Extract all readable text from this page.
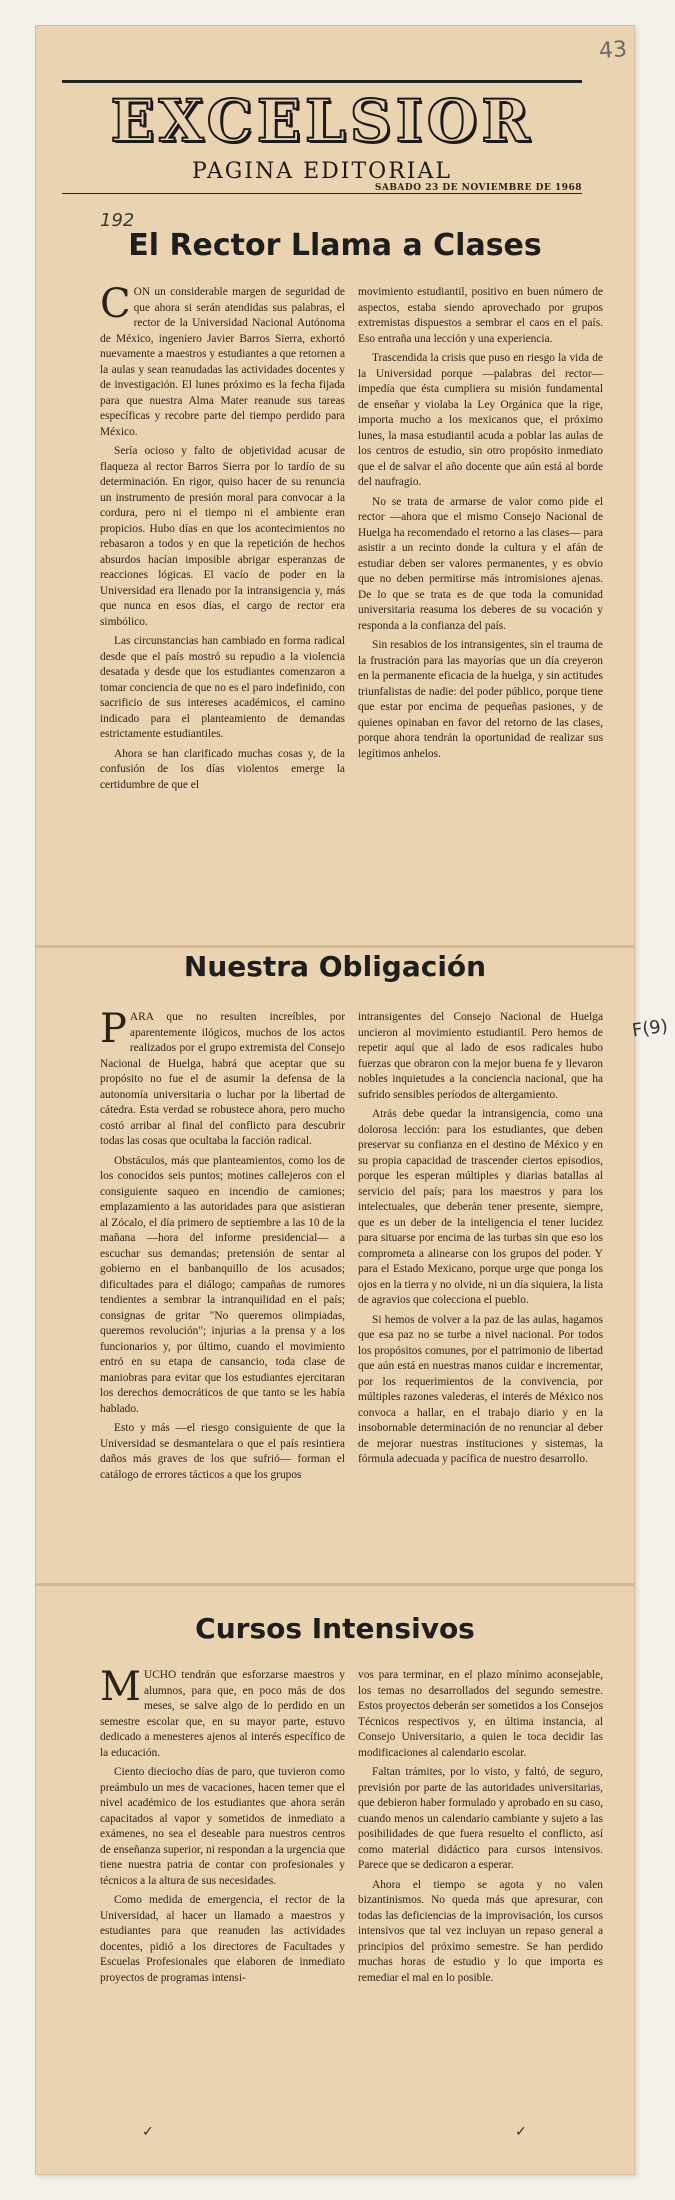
43
EXCELSIOR
PAGINA EDITORIAL
SABADO 23 DE NOVIEMBRE DE 1968
192
El Rector Llama a Clases

CON un considerable margen de seguridad de que ahora si serán atendidas sus palabras, el rector de la Universidad Nacional Autónoma de México, ingeniero Javier Barros Sierra, exhortó nuevamente a maestros y estudiantes a que retornen a la aulas y sean reanudadas las actividades docentes y de investigación. El lunes próximo es la fecha fijada para que nuestra Alma Mater reanude sus tareas específicas y recobre parte del tiempo perdido para México.

Sería ocioso y falto de objetividad acusar de flaqueza al rector Barros Sierra por lo tardío de su determinación. En rigor, quiso hacer de su renuncia un instrumento de presión moral para convocar a la cordura, pero ni el tiempo ni el ambiente eran propicios. Hubo días en que los acontecimientos no rebasaron a todos y en que la repetición de hechos absurdos hacían imposible abrigar esperanzas de reacciones lógicas. El vacío de poder en la Universidad era llenado por la intransigencia y, más que nunca en esos días, el cargo de rector era simbólico.

Las circunstancias han cambiado en forma radical desde que el país mostró su repudio a la violencia desatada y desde que los estudiantes comenzaron a tomar conciencia de que no es el paro indefinido, con sacrificio de sus intereses académicos, el camino indicado para el planteamiento de demandas estrictamente estudiantiles.

Ahora se han clarificado muchas cosas y, de la confusión de los días violentos emerge la certidumbre de que el

movimiento estudiantil, positivo en buen número de aspectos, estaba siendo aprovechado por grupos extremistas dispuestos a sembrar el caos en el país. Eso entraña una lección y una experiencia.

Trascendida la crisis que puso en riesgo la vida de la Universidad porque —palabras del rector— impedía que ésta cumpliera su misión fundamental de enseñar y violaba la Ley Orgánica que la rige, importa mucho a los mexicanos que, el próximo lunes, la masa estudiantil acuda a poblar las aulas de los centros de estudio, sin otro propósito inmediato que el de salvar el año docente que aún está al borde del naufragio.

No se trata de armarse de valor como pide el rector —ahora que el mismo Consejo Nacional de Huelga ha recomendado el retorno a las clases— para asistir a un recinto donde la cultura y el afán de estudiar deben ser valores permanentes, y es obvio que no deben permitirse más intromisiones ajenas. De lo que se trata es de que toda la comunidad universitaria reasuma los deberes de su vocación y responda a la confianza del país.

Sin resabios de los intransigentes, sin el trauma de la frustración para las mayorías que un día creyeron en la permanente eficacia de la huelga, y sin actitudes triunfalistas de nadie: del poder público, porque tiene que estar por encima de pequeñas pasiones, y de quienes opinaban en favor del retorno de las clases, porque ahora tendrán la oportunidad de realizar sus legítimos anhelos.

Nuestra Obligación

PARA que no resulten increíbles, por aparentemente ilógicos, muchos de los actos realizados por el grupo extremista del Consejo Nacional de Huelga, habrá que aceptar que su propósito no fue el de asumir la defensa de la autonomía universitaria o luchar por la libertad de cátedra. Esta verdad se robustece ahora, pero mucho costó arribar al final del conflicto para descubrir todas las cosas que ocultaba la facción radical.

Obstáculos, más que planteamientos, como los de los conocidos seis puntos; motines callejeros con el consiguiente saqueo en incendio de camiones; emplazamiento a las autoridades para que asistieran al Zócalo, el día primero de septiembre a las 10 de la mañana —hora del informe presidencial— a escuchar sus demandas; pretensión de sentar al gobierno en el banbanquillo de los acusados; dificultades para el diálogo; campañas de rumores tendientes a sembrar la intranquilidad en el país; consignas de gritar "No queremos olimpiadas, queremos revolución"; injurias a la prensa y a los funcionarios y, por último, cuando el movimiento entró en su etapa de cansancio, toda clase de maniobras para evitar que los estudiantes ejercitaran los derechos democráticos de que tanto se les había hablado.

Esto y más —el riesgo consiguiente de que la Universidad se desmantelara o que el país resintiera daños más graves de los que sufrió— forman el catálogo de errores tácticos a que los grupos

intransigentes del Consejo Nacional de Huelga uncieron al movimiento estudiantil. Pero hemos de repetir aquí que al lado de esos radicales hubo fuerzas que obraron con la mejor buena fe y llevaron nobles inquietudes a la conciencia nacional, que ha sufrido sensibles períodos de altergamiento.

Atrás debe quedar la intransigencia, como una dolorosa lección: para los estudiantes, que deben preservar su confianza en el destino de México y en su propia capacidad de trascender ciertos episodios, porque les esperan múltiples y diarias batallas al servicio del país; para los maestros y para los intelectuales, que deberán tener presente, siempre, que es un deber de la inteligencia el tener lucidez para situarse por encima de las turbas sin que eso los comprometa a alinearse con los grupos del poder. Y para el Estado Mexicano, porque urge que ponga los ojos en la tierra y no olvide, ni un día siquiera, la lista de agravios que colecciona el pueblo.

Si hemos de volver a la paz de las aulas, hagamos que esa paz no se turbe a nivel nacional. Por todos los propósitos comunes, por el patrimonio de libertad que aún está en nuestras manos cuidar e incrementar, por los requerimientos de la convivencia, por múltiples razones valederas, el interés de México nos convoca a hallar, en el trabajo diario y en la insobornable determinación de no renunciar al deber de mejorar nuestras instituciones y sistemas, la fórmula adecuada y pacífica de nuestro desarrollo.

F(9)
Cursos Intensivos

MUCHO tendrán que esforzarse maestros y alumnos, para que, en poco más de dos meses, se salve algo de lo perdido en un semestre escolar que, en su mayor parte, estuvo dedicado a menesteres ajenos al interés específico de la educación.

Ciento dieciocho días de paro, que tuvieron como preámbulo un mes de vacaciones, hacen temer que el nivel académico de los estudiantes que ahora serán capacitados al vapor y sometidos de inmediato a exámenes, no sea el deseable para nuestros centros de enseñanza superior, ni respondan a la urgencia que tiene nuestra patria de contar con profesionales y técnicos a la altura de sus necesidades.

Como medida de emergencia, el rector de la Universidad, al hacer un llamado a maestros y estudiantes para que reanuden las actividades docentes, pidió a los directores de Facultades y Escuelas Profesionales que elaboren de inmediato proyectos de programas intensi-

vos para terminar, en el plazo mínimo aconsejable, los temas no desarrollados del segundo semestre. Estos proyectos deberán ser sometidos a los Consejos Técnicos respectivos y, en última instancia, al Consejo Universitario, a quien le toca decidir las modificaciones al calendario escolar.

Faltan trámites, por lo visto, y faltó, de seguro, previsión por parte de las autoridades universitarias, que debieron haber formulado y aprobado en su caso, cuando menos un calendario cambiante y sujeto a las posibilidades de que fuera resuelto el conflicto, así como material didáctico para cursos intensivos. Parece que se dedicaron a esperar.

Ahora el tiempo se agota y no valen bizantinismos. No queda más que apresurar, con todas las deficiencias de la improvisación, los cursos intensivos que tal vez incluyan un repaso general a principios del próximo semestre. Se han perdido muchas horas de estudio y lo que importa es remediar el mal en lo posible.

✓	✓
